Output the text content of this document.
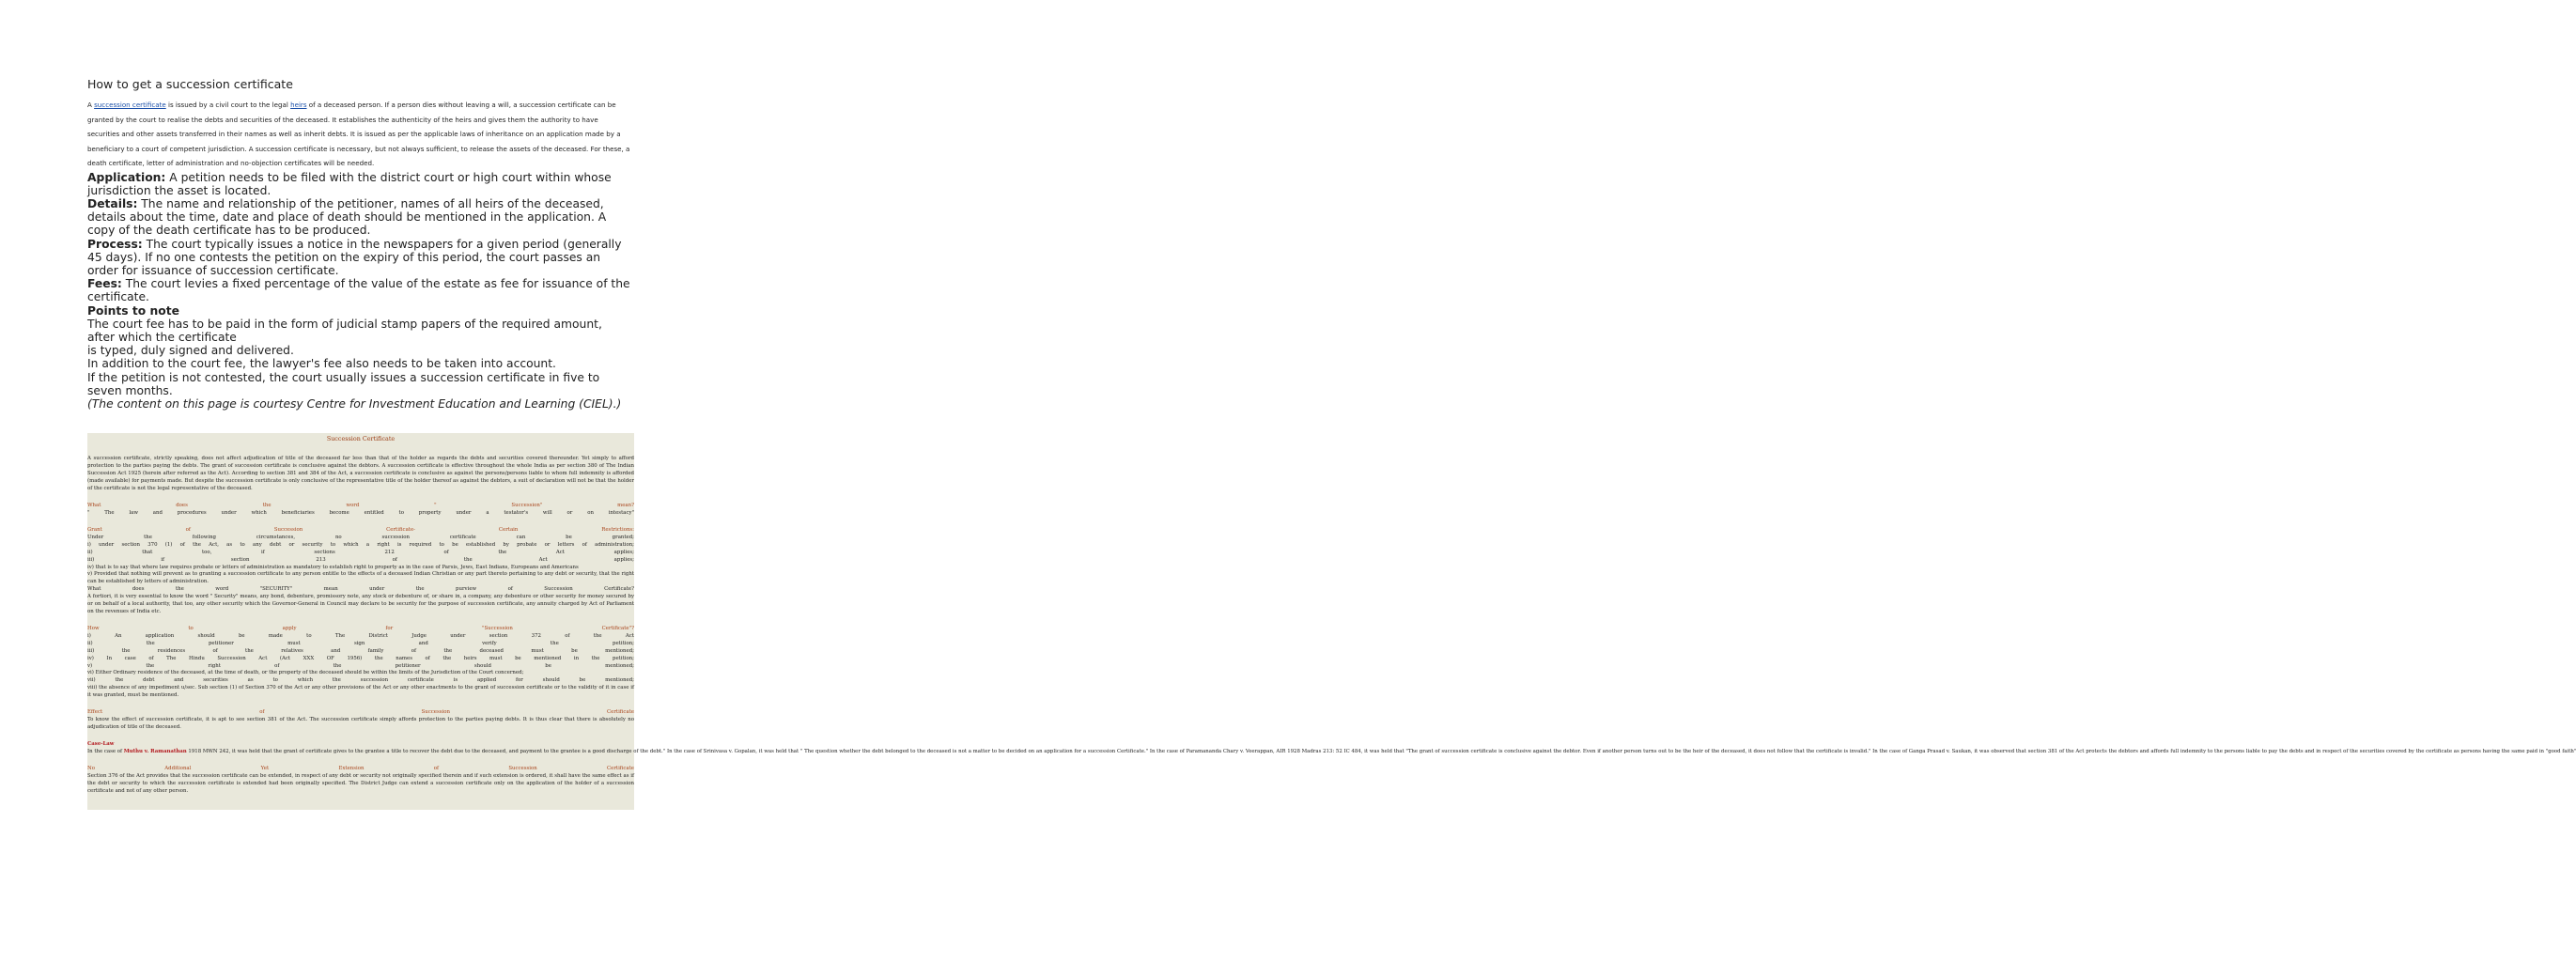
How to get a succession certificate

A succession certificate is issued by a civil court to the legal heirs of a deceased person. If a person dies without leaving a will, a succession certificate can be granted by the court to realise the debts and securities of the deceased. It establishes the authenticity of the heirs and gives them the authority to have securities and other assets transferred in their names as well as inherit debts. It is issued as per the applicable laws of inheritance on an application made by a beneficiary to a court of competent jurisdiction. A succession certificate is necessary, but not always sufficient, to release the assets of the deceased. For these, a death certificate, letter of administration and no-objection certificates will be needed.

Application: A petition needs to be filed with the district court or high court within whose jurisdiction the asset is located.

Details: The name and relationship of the petitioner, names of all heirs of the deceased, details about the time, date and place of death should be mentioned in the application. A copy of the death certificate has to be produced.

Process: The court typically issues a notice in the newspapers for a given period (generally 45 days). If no one contests the petition on the expiry of this period, the court passes an order for issuance of succession certificate.

Fees: The court levies a fixed percentage of the value of the estate as fee for issuance of the certificate.

Points to note

The court fee has to be paid in the form of judicial stamp papers of the required amount, after which the certificate

is typed, duly signed and delivered.

In addition to the court fee, the lawyer's fee also needs to be taken into account.

If the petition is not contested, the court usually issues a succession certificate in five to seven months.

(The content on this page is courtesy Centre for Investment Education and Learning (CIEL).)

Succession Certificate
A succession certificate, strictly speaking, does not affect adjudication of title of the deceased far less than that of the holder as regards the debts and securities covered thereunder. Yet simply to afford protection to the parties paying the debts. The grant of succession certificate is conclusive against the debtors. A succession certificate is effective throughout the whole India as per section 380 of The Indian Succession Act 1925 (herein after referred as the Act). According to section 381 and 384 of the Act, a succession certificate is conclusive as against the persons/persons liable to whom full indemnity is afforded (made available) for payments made. But despite the succession certificate is only conclusive of the representative title of the holder thereof as against the debtors, a suit of declaration will not be that the holder of the certificate is not the legal representative of the deceased.
What does the word " Succession" mean?
" The law and procedures under which beneficiaries become entitled to property under a testator's will or on intestacy"
Grant of Succession Certificate- Certain Restrictions:
Under the following circumstances, no succession certificate can be granted;
i) under section 370 (1) of the Act, as to any debt or security to which a right is required to be established by probate or letters of administration;
ii) that too, if sections 212 of the Act applies;
iii) if section 213 of the Act applies;
iv) that is to say that where law requires probate or letters of administration as mandatory to establish right to property as in the case of Parsis, Jews, East Indians, Europeans and Americans
v) Provided that nothing will prevent as to granting a succession certificate to any person entitle to the effects of a deceased Indian Christian or any part thereto pertaining to any debt or security, that the right can be established by letters of administration.
What does the word "SECURITY" mean under the purview of Succession Certificate?
A fortiori, it is very essential to know the word " Security" means, any bond, debenture, promissory note, any stock or debenture of, or share in, a company, any debenture or other security for money secured by or on behalf of a local authority, that too, any other security which the Governor-General in Council may declare to be security for the purpose of succession certificate, any annuity charged by Act of Parliament on the revenues of India etc.
How to apply for "Succession Certificate"?
i) An application should be made to The District Judge under section 372 of the Act
ii) the petitioner must sign and verify the petition;
iii) the residences of the relatives and family of the deceased must be mentioned;
iv) In case of The Hindu Succession Act (Act XXX OF 1956) the names of the heirs must be mentioned in the petition;
v) the right of the petitioner should be mentioned;
vi) Either Ordinary residence of the deceased, at the time of death, or the property of the deceased should be within the limits of the Jurisdiction of the Court concerned;
vii) the debt and securities as to which the succession certificate is applied for should be mentioned;
viii) the absence of any impediment u/sec. Sub section (1) of Section 370 of the Act or any other provisions of the Act or any other enactments to the grant of succession certificate or to the validity of it in case if it was granted, must be mentioned.
Effect of Succession Certificate
To know the effect of succession certificate, it is apt to see section 381 of the Act. The succession certificate simply affords protection to the parties paying debts. It is thus clear that there is absolutely no adjudication of title of the deceased.
Case-Law
In the case of Muthu v. Ramanathan 1918 MWN 242, it was held that the grant of certificate gives to the grantee a title to recover the debt due to the deceased, and payment to the grantee is a good discharge of the debt." In the case of Srinivasa v. Gopalan, it was held that " The question whether the debt belonged to the deceased is not a matter to be decided on an application for a succession Certificate." In the case of Paramananda Chary v. Veerappan, AIR 1928 Madras 213: 52 IC 484, it was held that "The grant of succession certificate is conclusive against the debtor. Even if another person turns out to be the heir of the deceased, it does not follow that the certificate is invalid." In the case of Ganga Prasad v. Saukan, it was observed that section 381 of the Act protects the debtors and affords full indemnity to the persons liable to pay the debts and in respect of the securities covered by the certificate as persons having the same paid in "good faith"
No Additional Yet Extension of Succession Certificate
Section 376 of the Act provides that the succession certificate can be extended, in respect of any debt or security not originally specified therein and if such extension is ordered, it shall have the same effect as if the debt or security to which the succession certificate is extended had been originally specified. The District Judge can extend a succession certificate only on the application of the holder of a succession certificate and not of any other person.
